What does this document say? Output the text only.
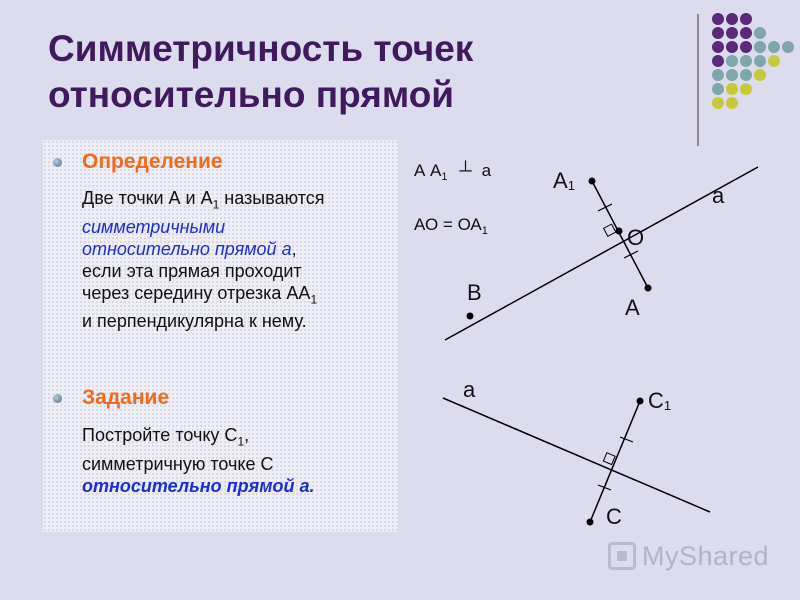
Симметричность точек
относительно прямой
Определение

Две точки А и $А_1$ называются

симметричными

относительно прямой а,

если эта прямая проходит

через середину отрезка $АА_1$

и перпендикулярна к нему.

Задание

Постройте точку $С_1$,

симметричную точке С

относительно прямой а.

А $А_1$ ┴ а
АО = $ОА_1$
А1
О
А
В
а
а	С1
С
MyShared
